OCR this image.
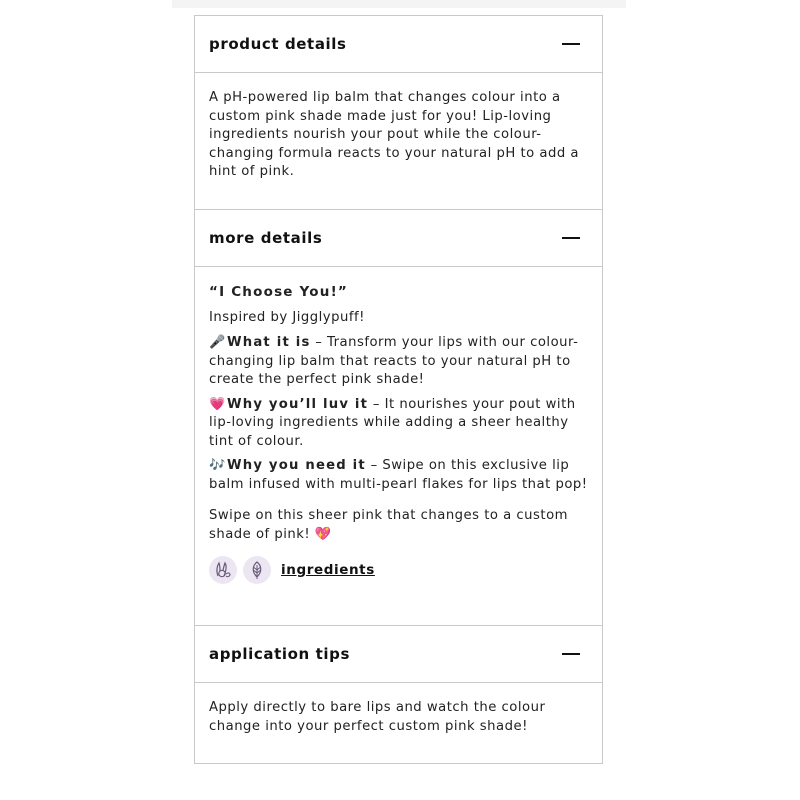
product details

A pH-powered lip balm that changes colour into a custom pink shade made just for you! Lip-loving ingredients nourish your pout while the colour-changing formula reacts to your natural pH to add a hint of pink.

more details

“I Choose You!”

Inspired by Jigglypuff!

🎤What it is – Transform your lips with our colour-changing lip balm that reacts to your natural pH to create the perfect pink shade!

💗Why you’ll luv it – It nourishes your pout with lip-loving ingredients while adding a sheer healthy tint of colour.

🎶Why you need it – Swipe on this exclusive lip balm infused with multi-pearl flakes for lips that pop!

Swipe on this sheer pink that changes to a custom shade of pink! 💖

ingredients
application tips

Apply directly to bare lips and watch the colour change into your perfect custom pink shade!
